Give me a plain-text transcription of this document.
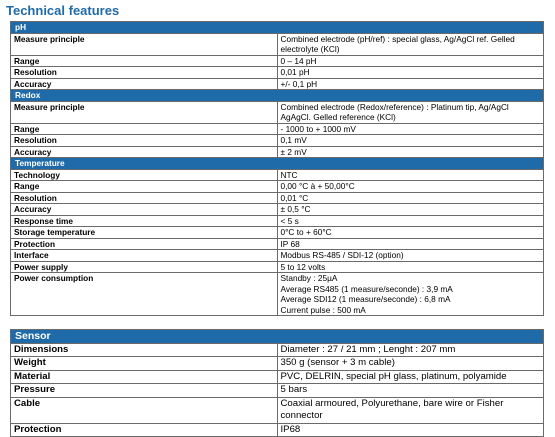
Technical features
pH	
Measure principle	Combined electrode (pH/ref) : special glass, Ag/AgCl ref. Gelled
electrolyte (KCl)

Range	0 – 14 pH

Resolution	0,01 pH

Accuracy	+/- 0,1 pH

Redox	
Measure principle	Combined electrode (Redox/reference) : Platinum tip, Ag/AgCl
AgAgCl. Gelled reference (KCl)

Range	- 1000 to + 1000 mV

Resolution	0,1 mV

Accuracy	± 2 mV

Temperature	
Technology	NTC

Range	0,00 °C à + 50,00°C

Resolution	0,01 °C

Accuracy	± 0,5 °C

Response time	< 5 s

Storage temperature	0°C to + 60°C

Protection	IP 68

Interface	Modbus RS-485 / SDI-12 (option)

Power supply	5 to 12 volts

Power consumption	Standby : 25µA
Average RS485 (1 measure/seconde) : 3,9 mA
Average SDI12 (1 measure/seconde) : 6,8 mA
Current pulse : 500 mA
Sensor	
Dimensions	Diameter : 27 / 21 mm ; Lenght : 207 mm

Weight	350 g (sensor + 3 m cable)

Material	PVC, DELRIN, special pH glass, platinum, polyamide

Pressure	5 bars

Cable	Coaxial armoured, Polyurethane, bare wire or Fisher connector

Protection	IP68
